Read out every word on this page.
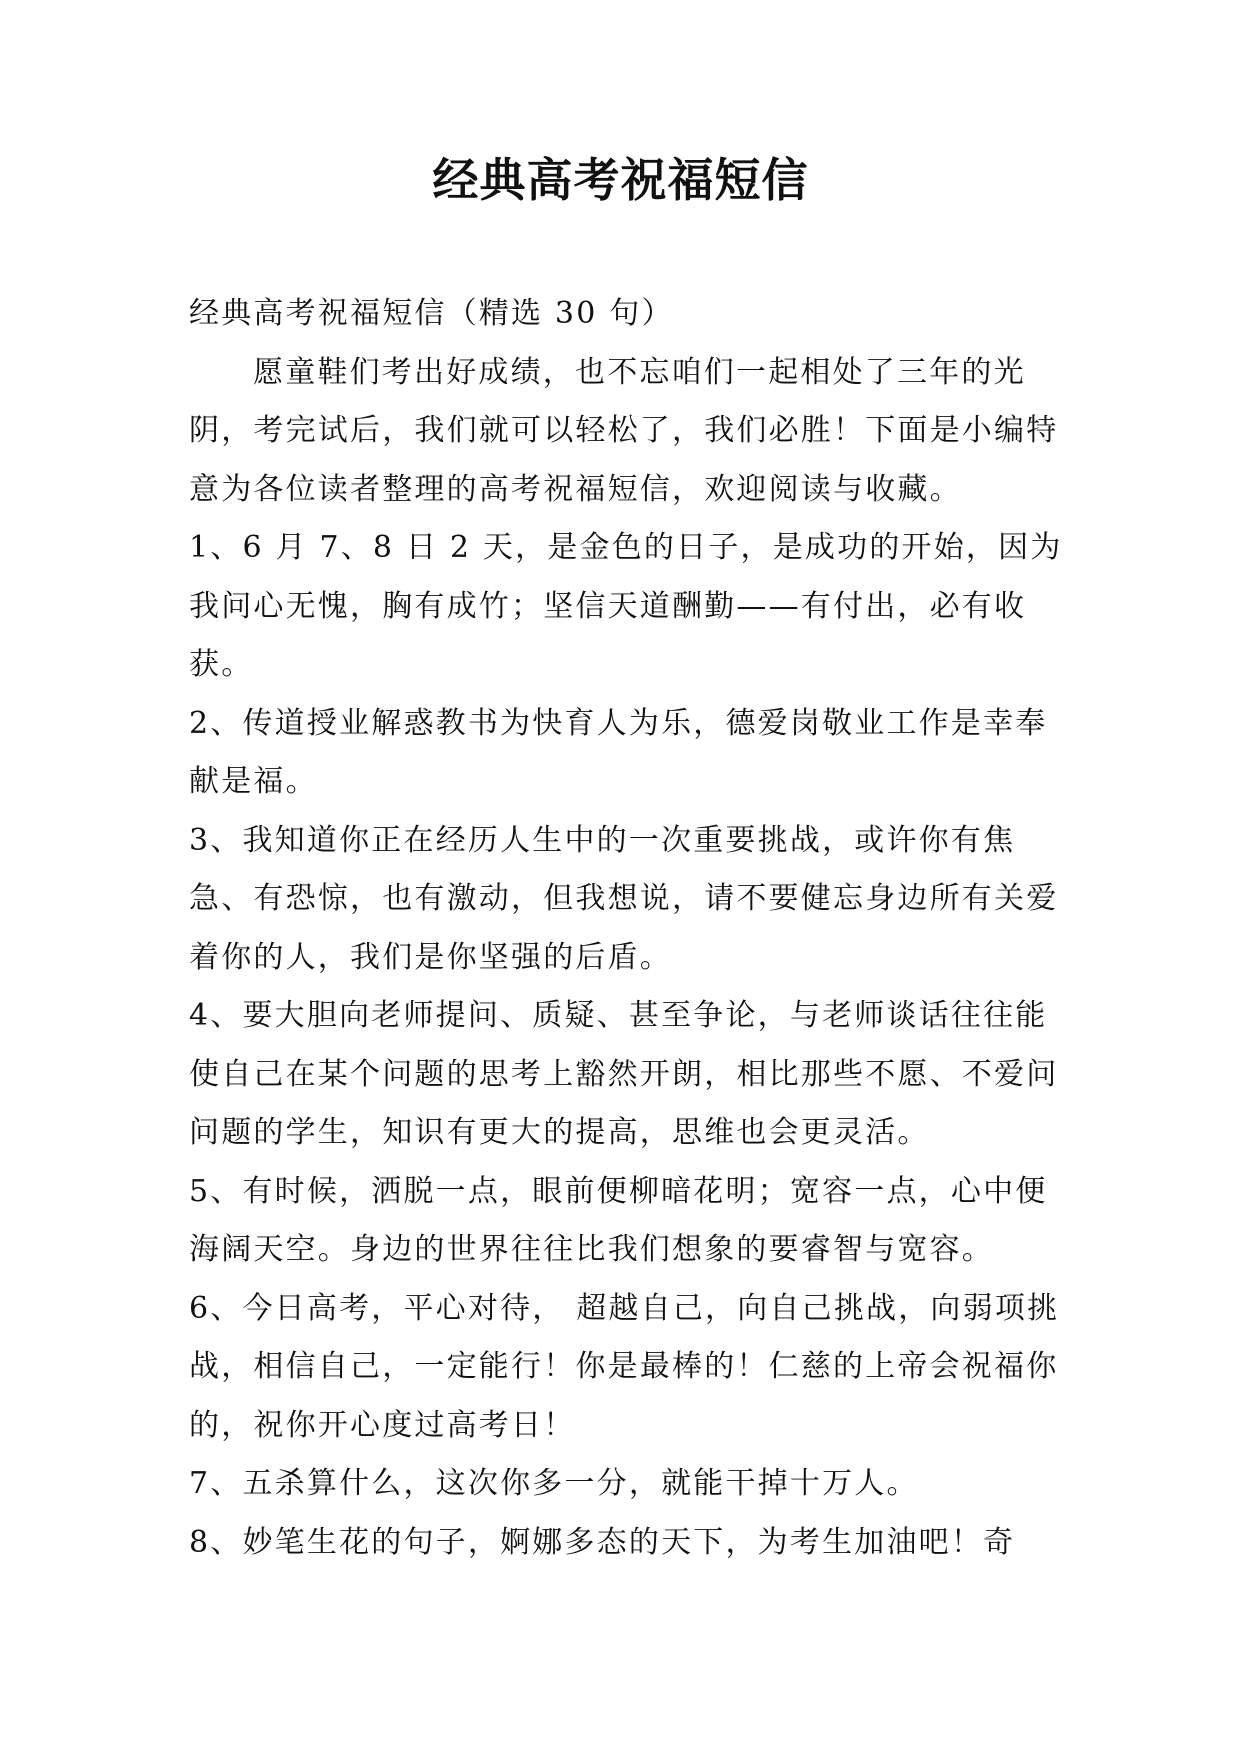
经典高考祝福短信

经典高考祝福短信（精选 30 句）

愿童鞋们考出好成绩，也不忘咱们一起相处了三年的光阴，考完试后，我们就可以轻松了，我们必胜！下面是小编特意为各位读者整理的高考祝福短信，欢迎阅读与收藏。

1、6 月 7、8 日 2 天，是金色的日子，是成功的开始，因为我问心无愧，胸有成竹；坚信天道酬勤——有付出，必有收获。

2、传道授业解惑教书为快育人为乐，德爱岗敬业工作是幸奉献是福。

3、我知道你正在经历人生中的一次重要挑战，或许你有焦急、有恐惊，也有激动，但我想说，请不要健忘身边所有关爱着你的人，我们是你坚强的后盾。

4、要大胆向老师提问、质疑、甚至争论，与老师谈话往往能使自己在某个问题的思考上豁然开朗，相比那些不愿、不爱问问题的学生，知识有更大的提高，思维也会更灵活。

5、有时候，洒脱一点，眼前便柳暗花明；宽容一点，心中便海阔天空。身边的世界往往比我们想象的要睿智与宽容。

6、今日高考，平心对待， 超越自己，向自己挑战，向弱项挑战，相信自己，一定能行！你是最棒的！仁慈的上帝会祝福你的，祝你开心度过高考日！

7、五杀算什么，这次你多一分，就能干掉十万人。

8、妙笔生花的句子，婀娜多态的天下，为考生加油吧！奇
